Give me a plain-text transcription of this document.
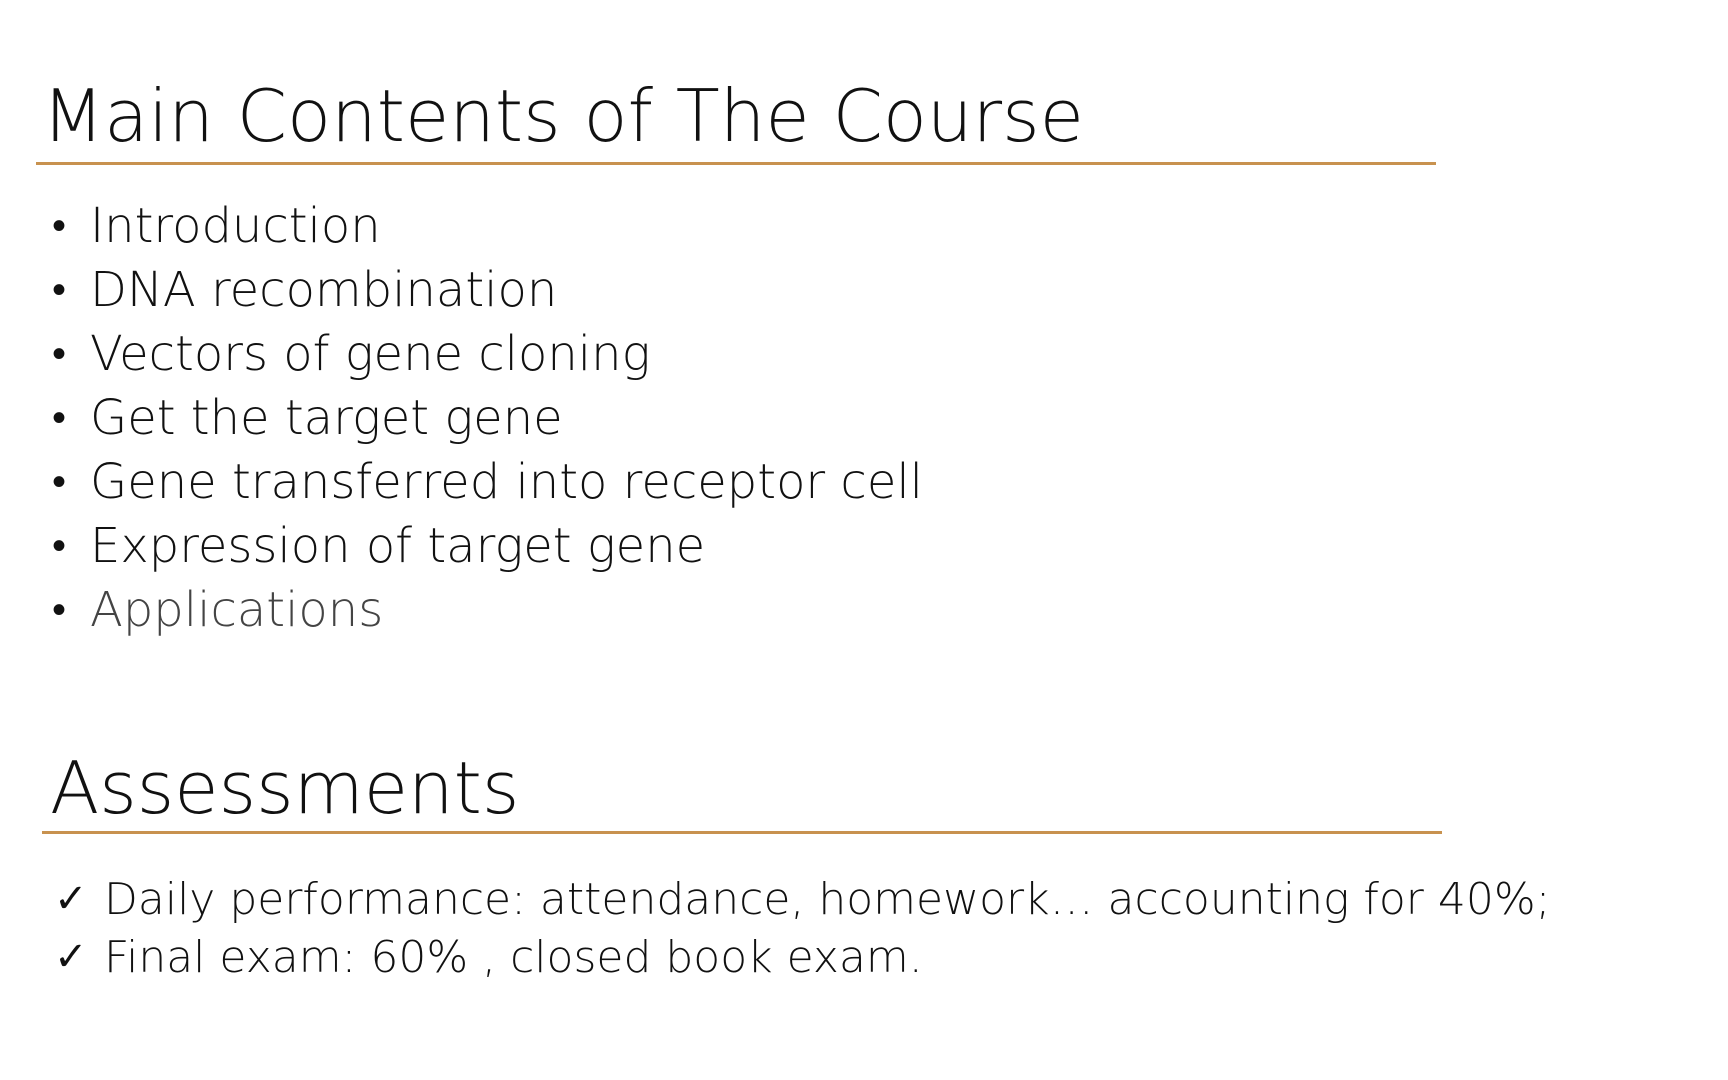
Main Contents of The Course
• Introduction
• DNA recombination
• Vectors of gene cloning
• Get the target gene
• Gene transferred into receptor cell
• Expression of target gene
• Applications
Assessments
✓ Daily performance: attendance, homework… accounting for 40%;
✓ Final exam: 60% , closed book exam.
